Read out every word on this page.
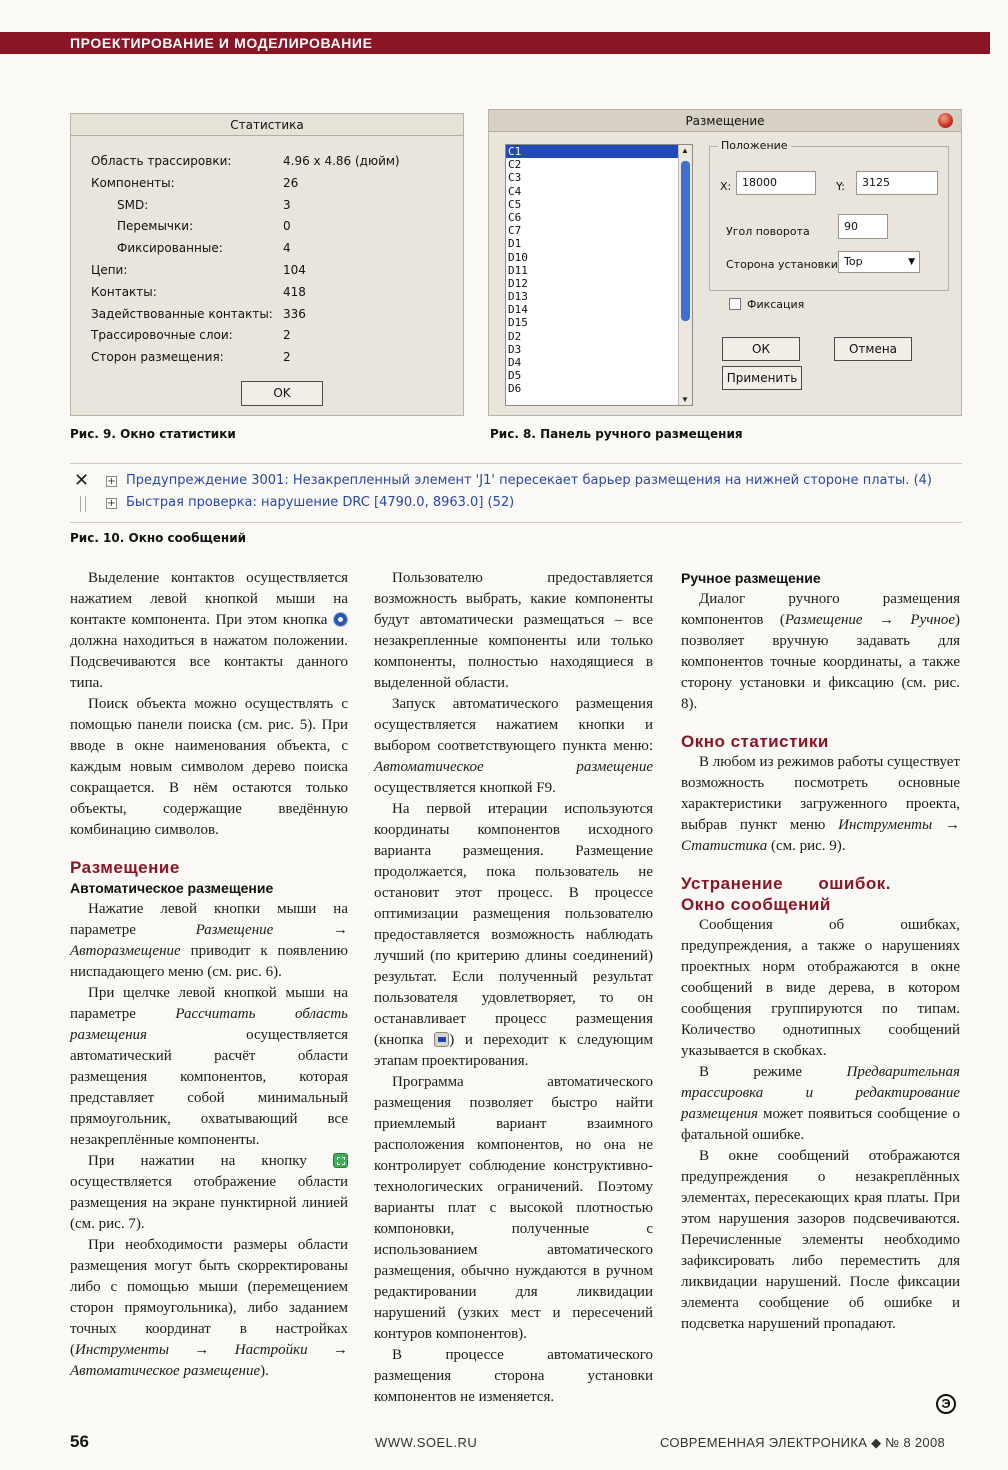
ПРОЕКТИРОВАНИЕ И МОДЕЛИРОВАНИЕ
Статистика
Область трассировки:	4.96 x 4.86 (дюйм)
Компоненты:	26
SMD:	3
Перемычки:	0
Фиксированные:	4
Цепи:	104
Контакты:	418
Задействованные контакты: 336
Трассировочные слои:	2
Сторон размещения:	2
OK
Рис. 9. Окно статистики
Размещение
C1
C2
C3
C4
C5
C6
C7
D1
D10
D11
D12
D13
D14
D15
D2
D3
D4
D5
D6
▲
▼
Положение
X: 18000	Y:	3125
Угол поворота	90
Сторона установки Top	▼
Фиксация
ОК	Отмена
Применить
Рис. 8. Панель ручного размещения
✕ + Предупреждение 3001: Незакрепленный элемент 'J1' пересекает барьер размещения на нижней стороне платы. (4)
+ Быстрая проверка: нарушение DRC [4790.0, 8963.0] (52)
Рис. 10. Окно сообщений

Выделение контактов осуществляется нажатием левой кнопкой мыши на контакте компонента. При этом кнопка  должна находиться в нажатом положении. Подсвечиваются все контакты данного типа.

Поиск объекта можно осуществлять с помощью панели поиска (см. рис. 5). При вводе в окне наименования объекта, с каждым новым символом дерево поиска сокращается. В нём остаются только объекты, содержащие введённую комбинацию символов.

Размещение

Автоматическое размещение

Нажатие левой кнопки мыши на параметре Размещение → Авторазмещение приводит к появлению ниспадающего меню (см. рис. 6).

При щелчке левой кнопкой мыши на параметре Рассчитать область размещения осуществляется автоматический расчёт области размещения компонентов, которая представляет собой минимальный прямоугольник, охватывающий все незакреплённые компоненты.

При нажатии на кнопку  осуществляется отображение области размещения на экране пунктирной линией (см. рис. 7).

При необходимости размеры области размещения могут быть скорректированы либо с помощью мыши (перемещением сторон прямоугольника), либо заданием точных координат в настройках (Инструменты → Настройки → Автоматическое размещение).

Пользователю предоставляется возможность выбрать, какие компоненты будут автоматически размещаться – все незакрепленные компоненты или только компоненты, полностью находящиеся в выделенной области.

Запуск автоматического размещения осуществляется нажатием кнопки и выбором соответствующего пункта меню: Автоматическое размещение осуществляется кнопкой F9.

На первой итерации используются координаты компонентов исходного варианта размещения. Размещение продолжается, пока пользователь не остановит этот процесс. В процессе оптимизации размещения пользователю предоставляется возможность наблюдать лучший (по критерию длины соединений) результат. Если полученный результат пользователя удовлетворяет, то он останавливает процесс размещения (кнопка ) и переходит к следующим этапам проектирования.

Программа автоматического размещения позволяет быстро найти приемлемый вариант взаимного расположения компонентов, но она не контролирует соблюдение конструктивно-технологических ограничений. Поэтому варианты плат с высокой плотностью компоновки, полученные с использованием автоматического размещения, обычно нуждаются в ручном редактировании для ликвидации нарушений (узких мест и пересечений контуров компонентов).

В процессе автоматического размещения сторона установки компонентов не изменяется.

Ручное размещение

Диалог ручного размещения компонентов (Размещение → Ручное) позволяет вручную задавать для компонентов точные координаты, а также сторону установки и фиксацию (см. рис. 8).

Окно статистики

В любом из режимов работы существует возможность посмотреть основные характеристики загруженного проекта, выбрав пункт меню Инструменты → Статистика (см. рис. 9).

Устранение ошибок. Окно сообщений

Сообщения об ошибках, предупреждения, а также о нарушениях проектных норм отображаются в окне сообщений в виде дерева, в котором сообщения группируются по типам. Количество однотипных сообщений указывается в скобках.

В режиме Предварительная трассировка и редактирование размещения может появиться сообщение о фатальной ошибке.

В окне сообщений отображаются предупреждения о незакреплённых элементах, пересекающих края платы. При этом нарушения зазоров подсвечиваются. Перечисленные элементы необходимо зафиксировать либо переместить для ликвидации нарушений. После фиксации элемента сообщение об ошибке и подсветка нарушений пропадают.

Э
56	WWW.SOEL.RU	СОВРЕМЕННАЯ ЭЛЕКТРОНИКА ◆ № 8 2008
